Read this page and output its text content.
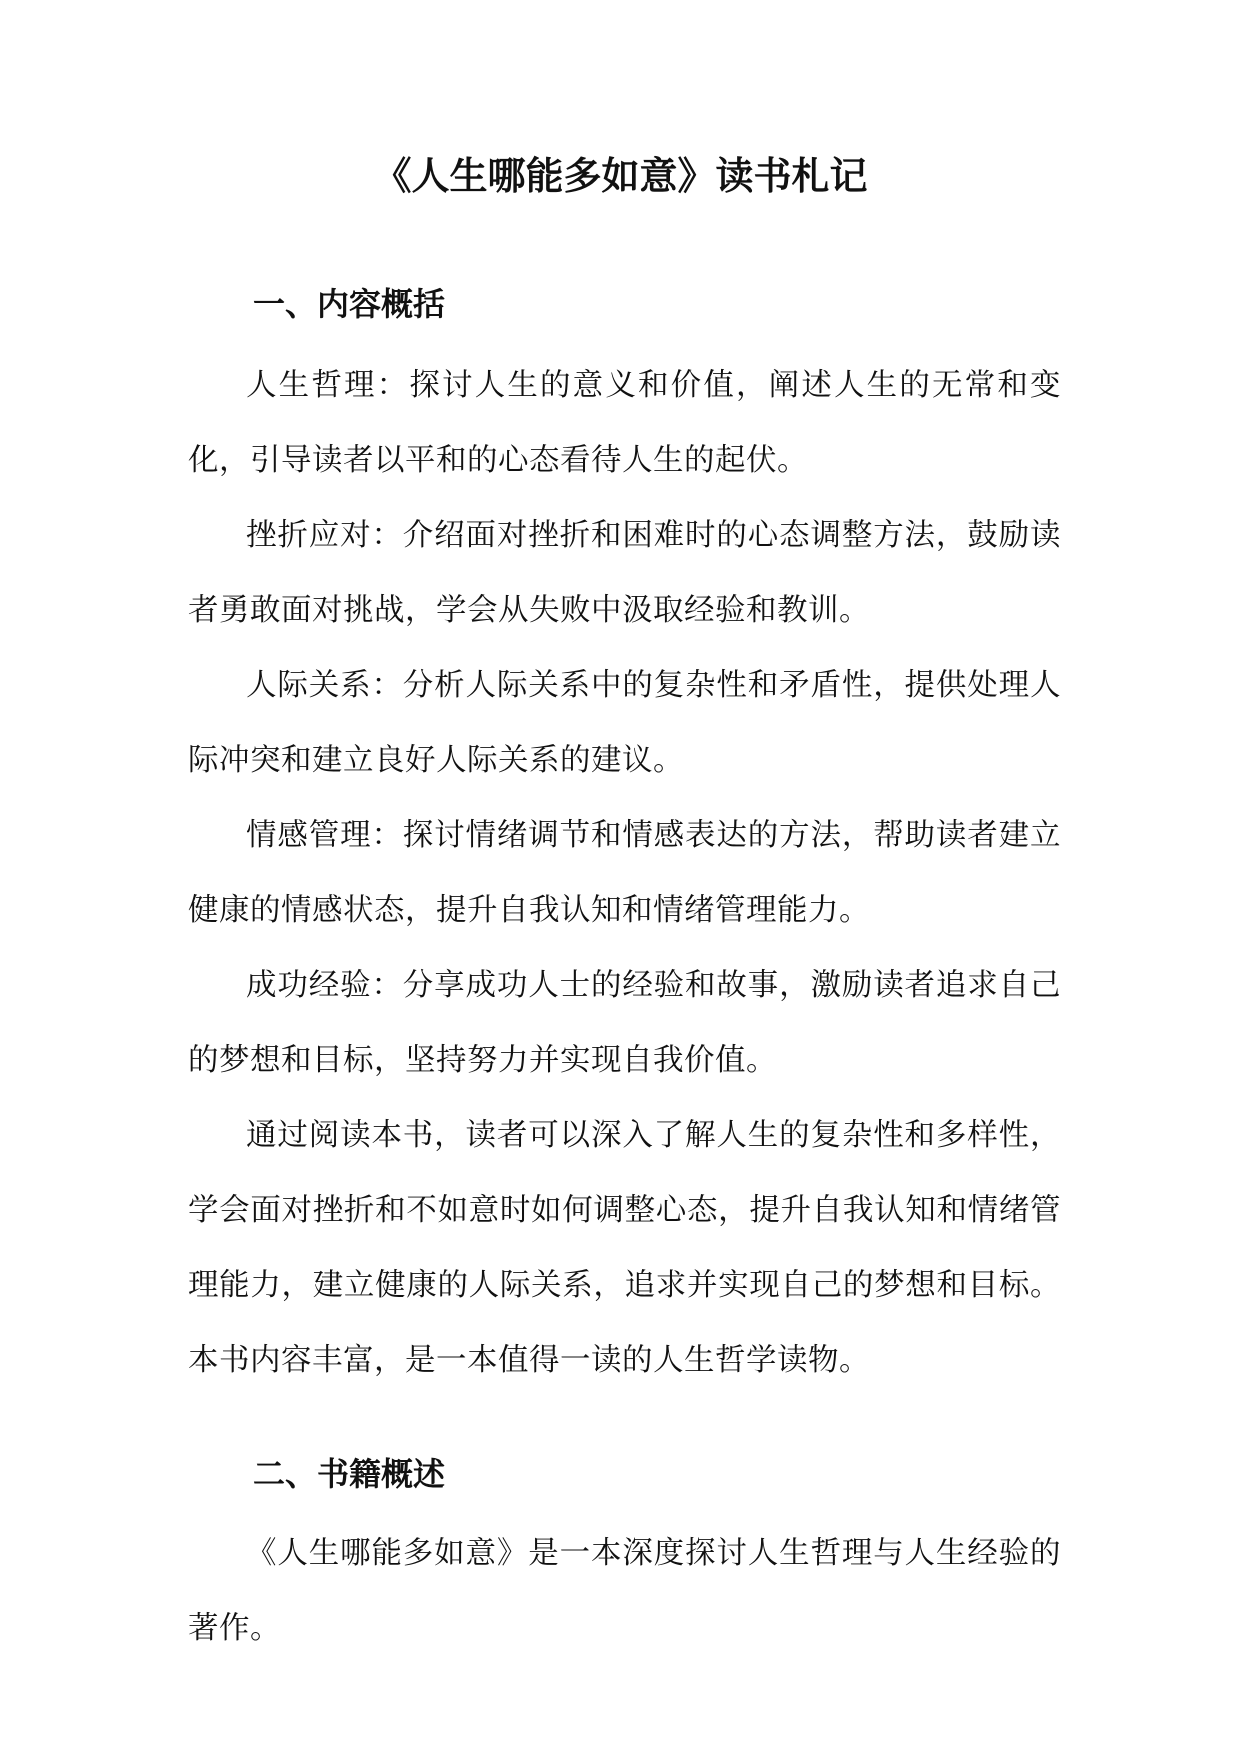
《人生哪能多如意》读书札记
一、内容概括

人生哲理：探讨人生的意义和价值，阐述人生的无常和变化，引导读者以平和的心态看待人生的起伏。

挫折应对：介绍面对挫折和困难时的心态调整方法，鼓励读者勇敢面对挑战，学会从失败中汲取经验和教训。

人际关系：分析人际关系中的复杂性和矛盾性，提供处理人际冲突和建立良好人际关系的建议。

情感管理：探讨情绪调节和情感表达的方法，帮助读者建立健康的情感状态，提升自我认知和情绪管理能力。

成功经验：分享成功人士的经验和故事，激励读者追求自己的梦想和目标，坚持努力并实现自我价值。

通过阅读本书，读者可以深入了解人生的复杂性和多样性，学会面对挫折和不如意时如何调整心态，提升自我认知和情绪管理能力，建立健康的人际关系，追求并实现自己的梦想和目标。本书内容丰富，是一本值得一读的人生哲学读物。

二、书籍概述

《人生哪能多如意》是一本深度探讨人生哲理与人生经验的著作。
